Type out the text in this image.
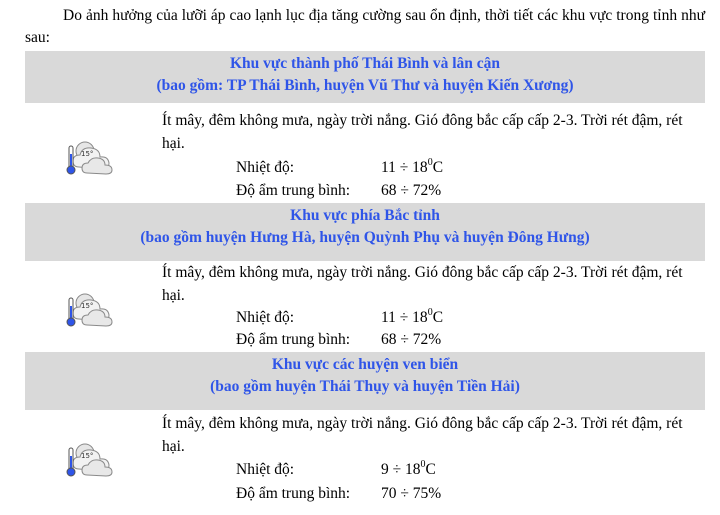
Do ảnh hưởng của lưỡi áp cao lạnh lục địa tăng cường sau ổn định, thời tiết các khu vực trong tỉnh như sau:
Khu vực thành phố Thái Bình và lân cận
(bao gồm: TP Thái Bình, huyện Vũ Thư và huyện Kiến Xương)
15°
Ít mây, đêm không mưa, ngày trời nắng. Gió đông bắc cấp cấp 2-3. Trời rét đậm, rét hại.
Nhiệt độ:	$11 \div 18^0C$
Độ ẩm trung bình: 68 ÷ 72%
Khu vực phía Bắc tỉnh
(bao gồm huyện Hưng Hà, huyện Quỳnh Phụ và huyện Đông Hưng)
15°
Ít mây, đêm không mưa, ngày trời nắng. Gió đông bắc cấp cấp 2-3. Trời rét đậm, rét hại.
Nhiệt độ:	$11 \div 18^0C$
Độ ẩm trung bình: 68 ÷ 72%
Khu vực các huyện ven biển
(bao gồm huyện Thái Thụy và huyện Tiền Hải)
15°
Ít mây, đêm không mưa, ngày trời nắng. Gió đông bắc cấp cấp 2-3. Trời rét đậm, rét hại.
Nhiệt độ:	$9 \div 18^0C$
Độ ẩm trung bình: 70 ÷ 75%
